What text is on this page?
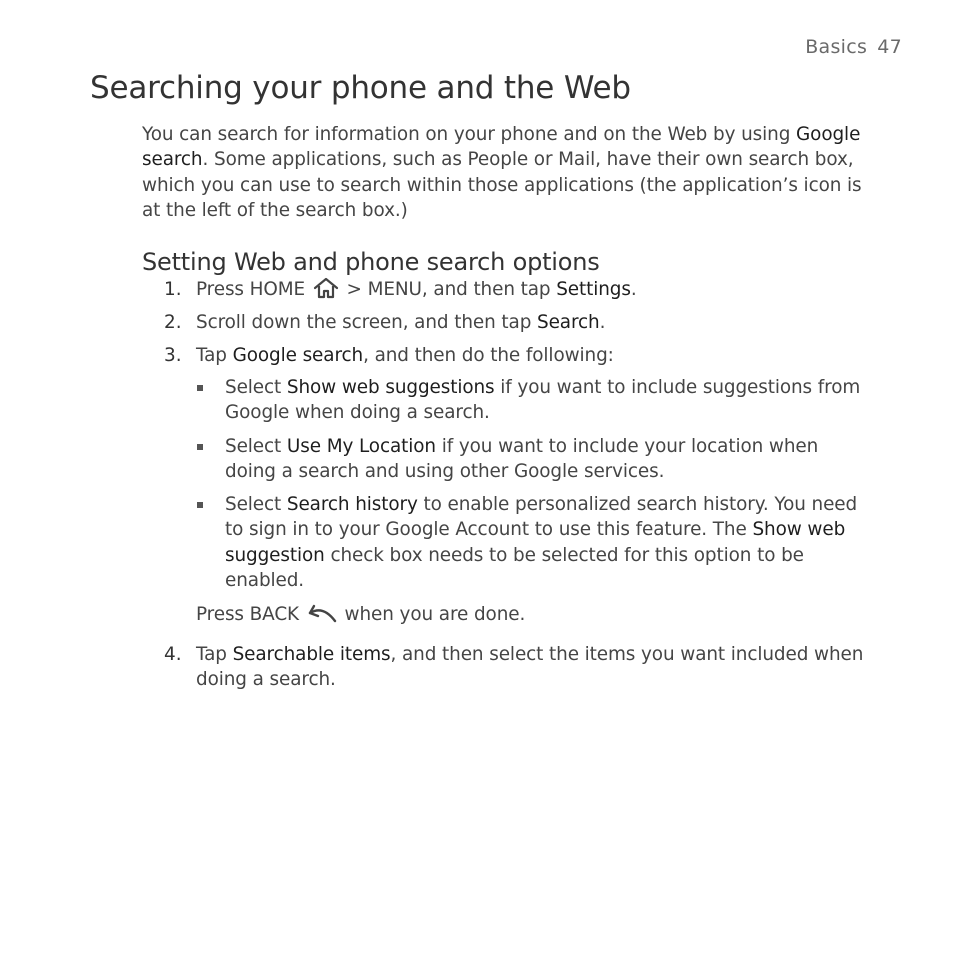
Basics 47
Searching your phone and the Web

You can search for information on your phone and on the Web by using Google search. Some applications, such as People or Mail, have their own search box, which you can use to search within those applications (the application’s icon is at the left of the search box.)

Setting Web and phone search options
1. Press HOME  > MENU, and then tap Settings.

2. Scroll down the screen, and then tap Search.

3. Tap Google search, and then do the following:

Select Show web suggestions if you want to include suggestions from Google when doing a search.

Select Use My Location if you want to include your location when doing a search and using other Google services.

Select Search history to enable personalized search history. You need to sign in to your Google Account to use this feature. The Show web suggestion check box needs to be selected for this option to be enabled.

Press BACK  when you are done.

4. Tap Searchable items, and then select the items you want included when doing a search.
